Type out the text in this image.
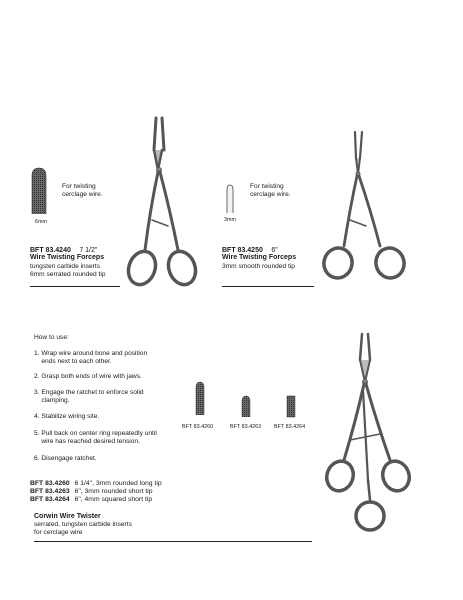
6mm
For twisting
cerclage wire.
BFT 83.4240 7 1/2"
Wire Twisting Forceps
tungsten carbide inserts
6mm serrated rounded tip
3mm
For twisting
cerclage wire.
BFT 83.4250 6"
Wire Twisting Forceps
3mm smooth rounded tip
How to use:
1. Wrap wire around bone and position
ends next to each other.
2. Grasp both ends of wire with jaws.
3. Engage the ratchet to enforce solid
clamping.
4. Stabilize wiring site.
5. Pull back on center ring repeatedly until
wire has reached desired tension.
6. Disengage ratchet.
BFT 83.4260 6 1/4", 3mm rounded long tip
BFT 83.4263 6", 3mm rounded short tip
BFT 83.4264 6", 4mm squared short tip
Corwin Wire Twister
serrated, tungsten carbide inserts
for cerclage wire
BFT 83.4260	BFT 83.4263 BFT 83.4264
